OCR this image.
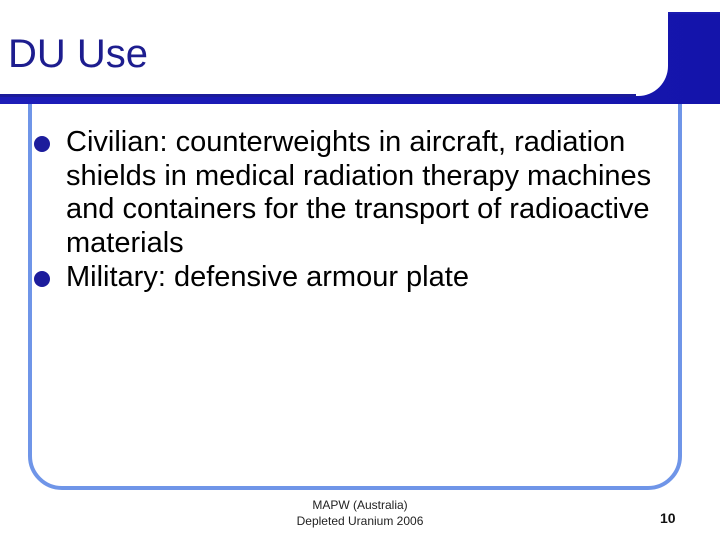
DU Use
Civilian: counterweights in aircraft, radiation shields in medical radiation therapy machines and containers for the transport of radioactive materials
Military: defensive armour plate
MAPW (Australia)
Depleted Uranium 2006	10
